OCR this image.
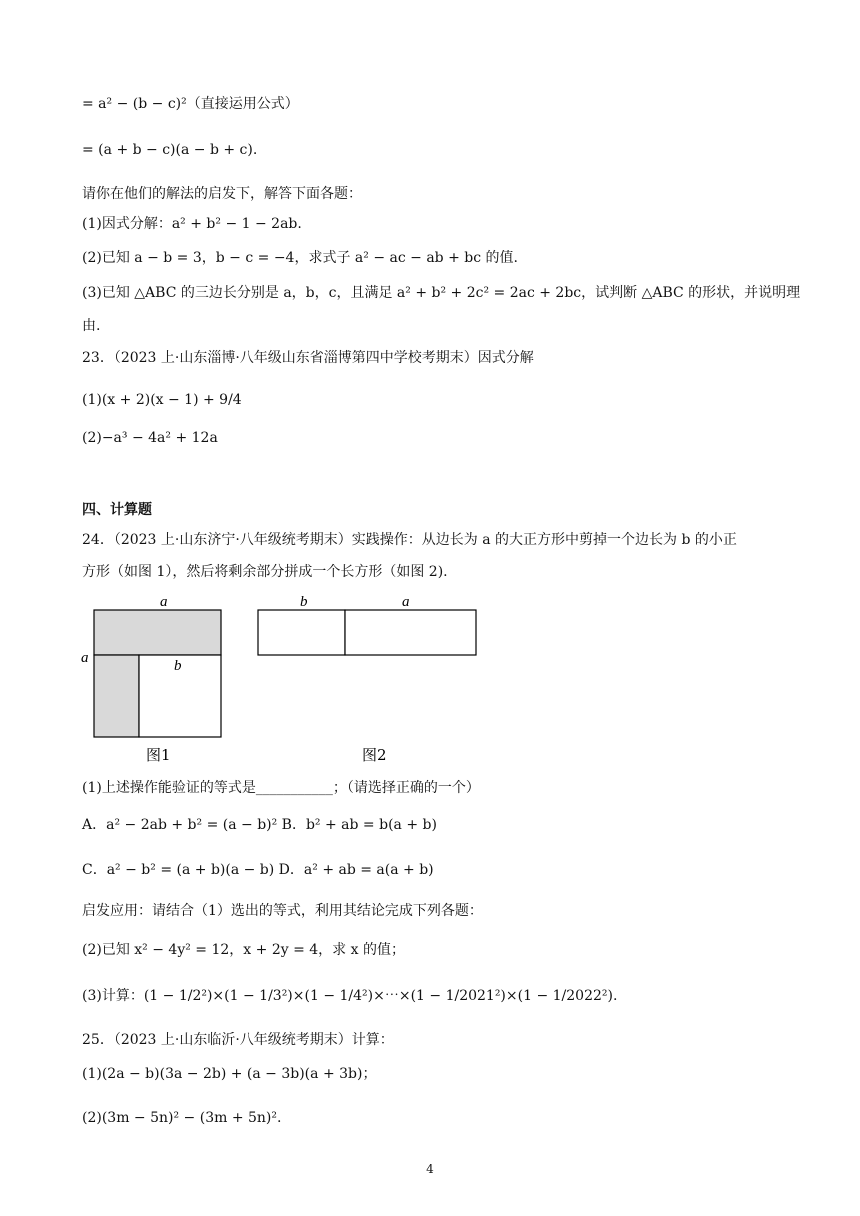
= a² − (b − c)²（直接运用公式）
= (a + b − c)(a − b + c).
请你在他们的解法的启发下，解答下面各题：
(1)因式分解：a² + b² − 1 − 2ab.
(2)已知 a − b = 3，b − c = −4，求式子 a² − ac − ab + bc 的值.
(3)已知 △ABC 的三边长分别是 a，b，c，且满足 a² + b² + 2c² = 2ac + 2bc，试判断 △ABC 的形状，并说明理
由.
23．（2023 上·山东淄博·八年级山东省淄博第四中学校考期末）因式分解
(1)(x + 2)(x − 1) + 9/4
(2)−a³ − 4a² + 12a
四、计算题
24．（2023 上·山东济宁·八年级统考期末）实践操作：从边长为 a 的大正方形中剪掉一个边长为 b 的小正
方形（如图 1），然后将剩余部分拼成一个长方形（如图 2).
(1)上述操作能验证的等式是___________；（请选择正确的一个）
A．a² − 2ab + b² = (a − b)² B．b² + ab = b(a + b)
C．a² − b² = (a + b)(a − b) D．a² + ab = a(a + b)
启发应用：请结合（1）选出的等式，利用其结论完成下列各题：
(2)已知 x² − 4y² = 12，x + 2y = 4，求 x 的值；
(3)计算：(1 − 1/2²)×(1 − 1/3²)×(1 − 1/4²)×⋯×(1 − 1/2021²)×(1 − 1/2022²).
25．（2023 上·山东临沂·八年级统考期末）计算：
(1)(2a − b)(3a − 2b) + (a − 3b)(a + 3b)；
(2)(3m − 5n)² − (3m + 5n)².
a
a	b
图1
b	a
图2
4
